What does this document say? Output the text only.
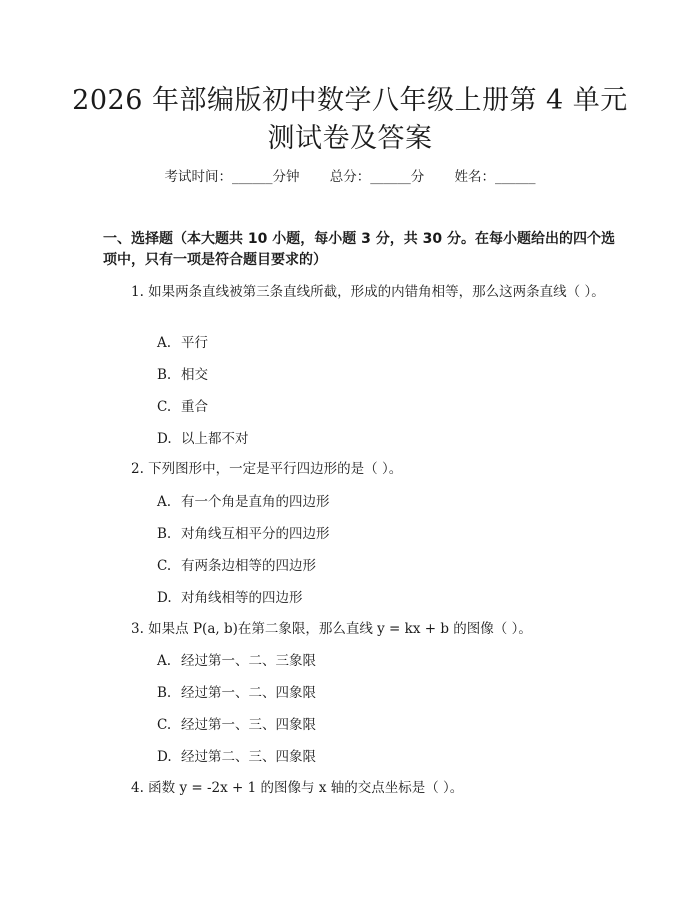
2026 年部编版初中数学八年级上册第 4 单元
测试卷及答案
考试时间：______分钟 总分：______分 姓名：______
一、选择题（本大题共 10 小题，每小题 3 分，共 30 分。在每小题给出的四个选项中，只有一项是符合题目要求的）
1. 如果两条直线被第三条直线所截，形成的内错角相等，那么这两条直线（ ）。
A. 平行
B. 相交
C. 重合
D. 以上都不对
2. 下列图形中，一定是平行四边形的是（ ）。
A. 有一个角是直角的四边形
B. 对角线互相平分的四边形
C. 有两条边相等的四边形
D. 对角线相等的四边形
3. 如果点 P(a, b)在第二象限，那么直线 y = kx + b 的图像（ ）。
A. 经过第一、二、三象限
B. 经过第一、二、四象限
C. 经过第一、三、四象限
D. 经过第二、三、四象限
4. 函数 y = -2x + 1 的图像与 x 轴的交点坐标是（ ）。
